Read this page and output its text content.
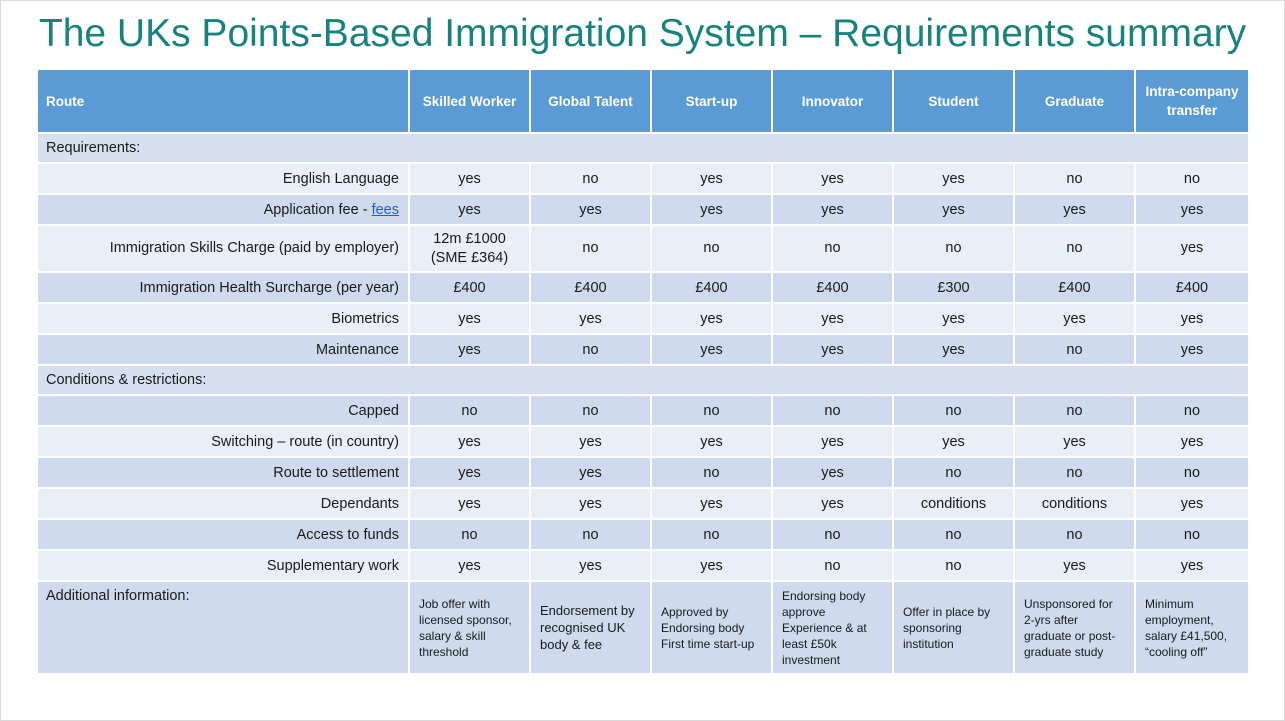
The UKs Points-Based Immigration System – Requirements summary
Route	Skilled Worker	Global Talent	Start-up	Innovator	Student	Graduate	Intra-company transfer
Requirements:							
English Language	yes	no	yes	yes	yes	no	no
Application fee - fees	yes	yes	yes	yes	yes	yes	yes
Immigration Skills Charge (paid by employer)	12m £1000 (SME £364)	no	no	no	no	no	yes
Immigration Health Surcharge (per year)	£400	£400	£400	£400	£300	£400	£400
Biometrics	yes	yes	yes	yes	yes	yes	yes
Maintenance	yes	no	yes	yes	yes	no	yes
Conditions & restrictions:							
Capped	no	no	no	no	no	no	no
Switching – route (in country)	yes	yes	yes	yes	yes	yes	yes
Route to settlement	yes	yes	no	yes	no	no	no
Dependants	yes	yes	yes	yes	conditions	conditions	yes
Access to funds	no	no	no	no	no	no	no
Supplementary work	yes	yes	yes	no	no	yes	yes
Additional information:	Job offer with licensed sponsor, salary & skill threshold	Endorsement by recognised UK body & fee	Approved by Endorsing body First time start-up	Endorsing body approve Experience & at least £50k investment	Offer in place by sponsoring institution	Unsponsored for 2-yrs after graduate or post-graduate study	Minimum employment, salary £41,500, “cooling off”
